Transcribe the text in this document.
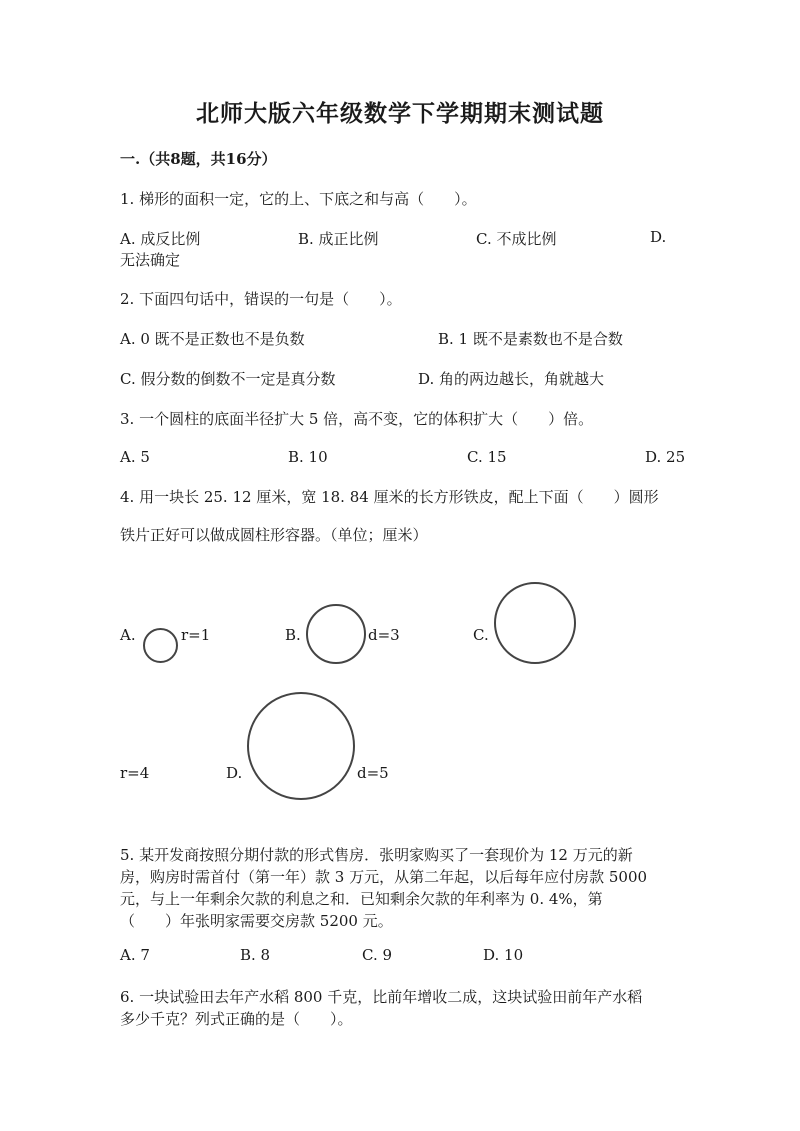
北师大版六年级数学下学期期末测试题
一.（共8题，共16分）
1. 梯形的面积一定，它的上、下底之和与高（　　）。
A. 成反比例	B. 成正比例	C. 不成比例	D.
无法确定
2. 下面四句话中，错误的一句是（　　）。
A. 0 既不是正数也不是负数	B. 1 既不是素数也不是合数
C. 假分数的倒数不一定是真分数	D. 角的两边越长，角就越大
3. 一个圆柱的底面半径扩大 5 倍，高不变，它的体积扩大（　　）倍。
A. 5	B. 10	C. 15	D. 25
4. 用一块长 25. 12 厘米，宽 18. 84 厘米的长方形铁皮，配上下面（　　）圆形
铁片正好可以做成圆柱形容器。（单位；厘米）
A.	r=1	B.	d=3	C.
r=4	D.	d=5
5. 某开发商按照分期付款的形式售房．张明家购买了一套现价为 12 万元的新
房，购房时需首付（第一年）款 3 万元，从第二年起，以后每年应付房款 5000
元，与上一年剩余欠款的利息之和．已知剩余欠款的年利率为 0. 4%，第
（　　）年张明家需要交房款 5200 元。
A. 7	B. 8	C. 9	D. 10
6. 一块试验田去年产水稻 800 千克，比前年增收二成，这块试验田前年产水稻
多少千克？列式正确的是（　　）。
